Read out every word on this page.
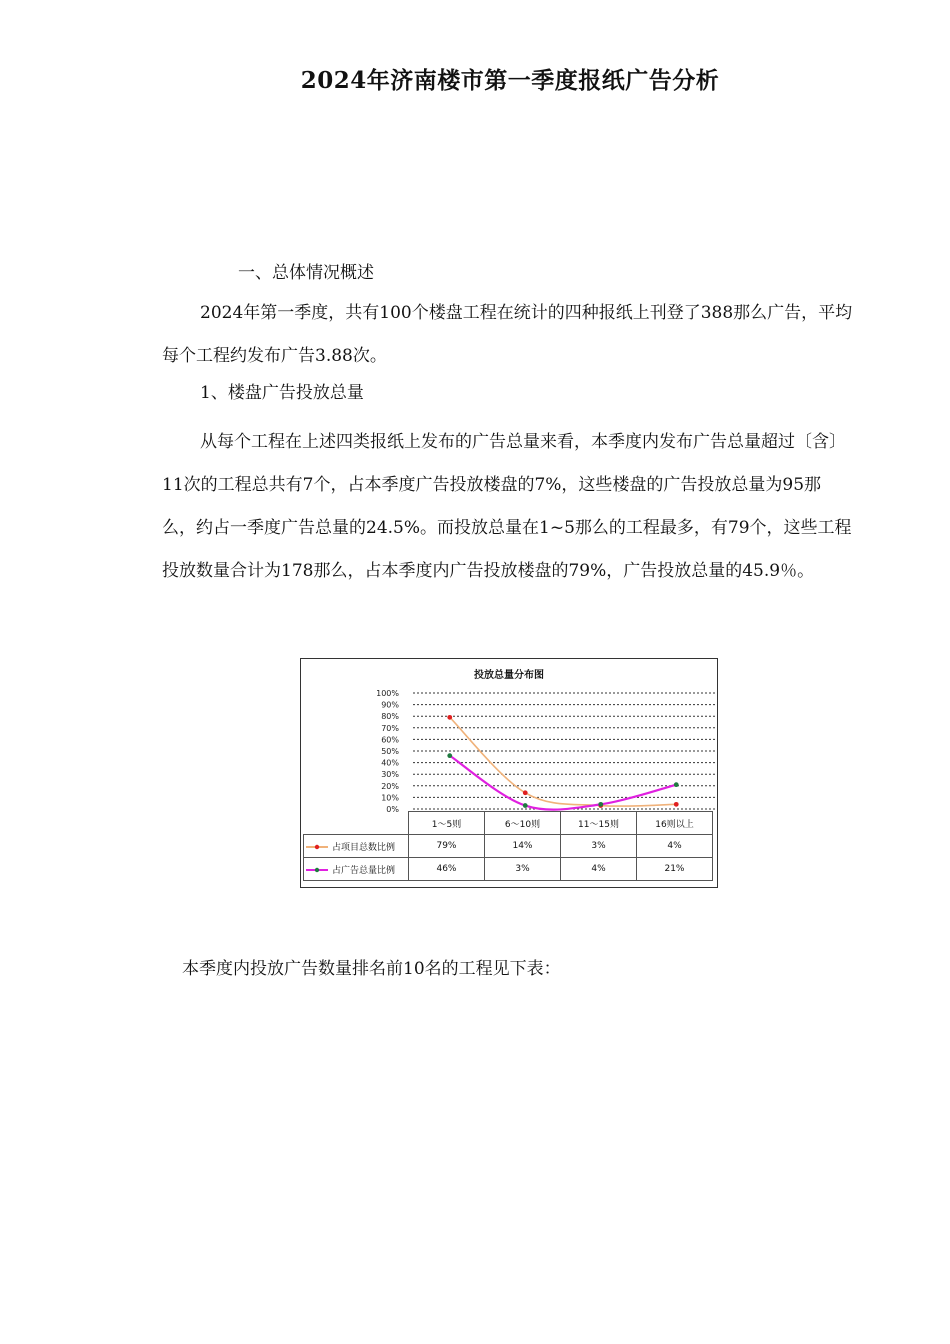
2024年济南楼市第一季度报纸广告分析
一、总体情况概述
2024年第一季度，共有100个楼盘工程在统计的四种报纸上刊登了388那么广告，平均每个工程约发布广告3.88次。
1、楼盘广告投放总量
从每个工程在上述四类报纸上发布的广告总量来看，本季度内发布广告总量超过〔含〕11次的工程总共有7个，占本季度广告投放楼盘的7%，这些楼盘的广告投放总量为95那么，约占一季度广告总量的24.5%。而投放总量在1~5那么的工程最多，有79个，这些工程投放数量合计为178那么，占本季度内广告投放楼盘的79%，广告投放总量的45.9％。
投放总量分布图
100%
90%
80%
70%
60%
50%
40%
30%
20%
10%
0%
	1～5则	6～10则	11～15则	16则以上
占项目总数比例	79%	14%	3%	4%
占广告总量比例	46%	3%	4%	21%
本季度内投放广告数量排名前10名的工程见下表：
